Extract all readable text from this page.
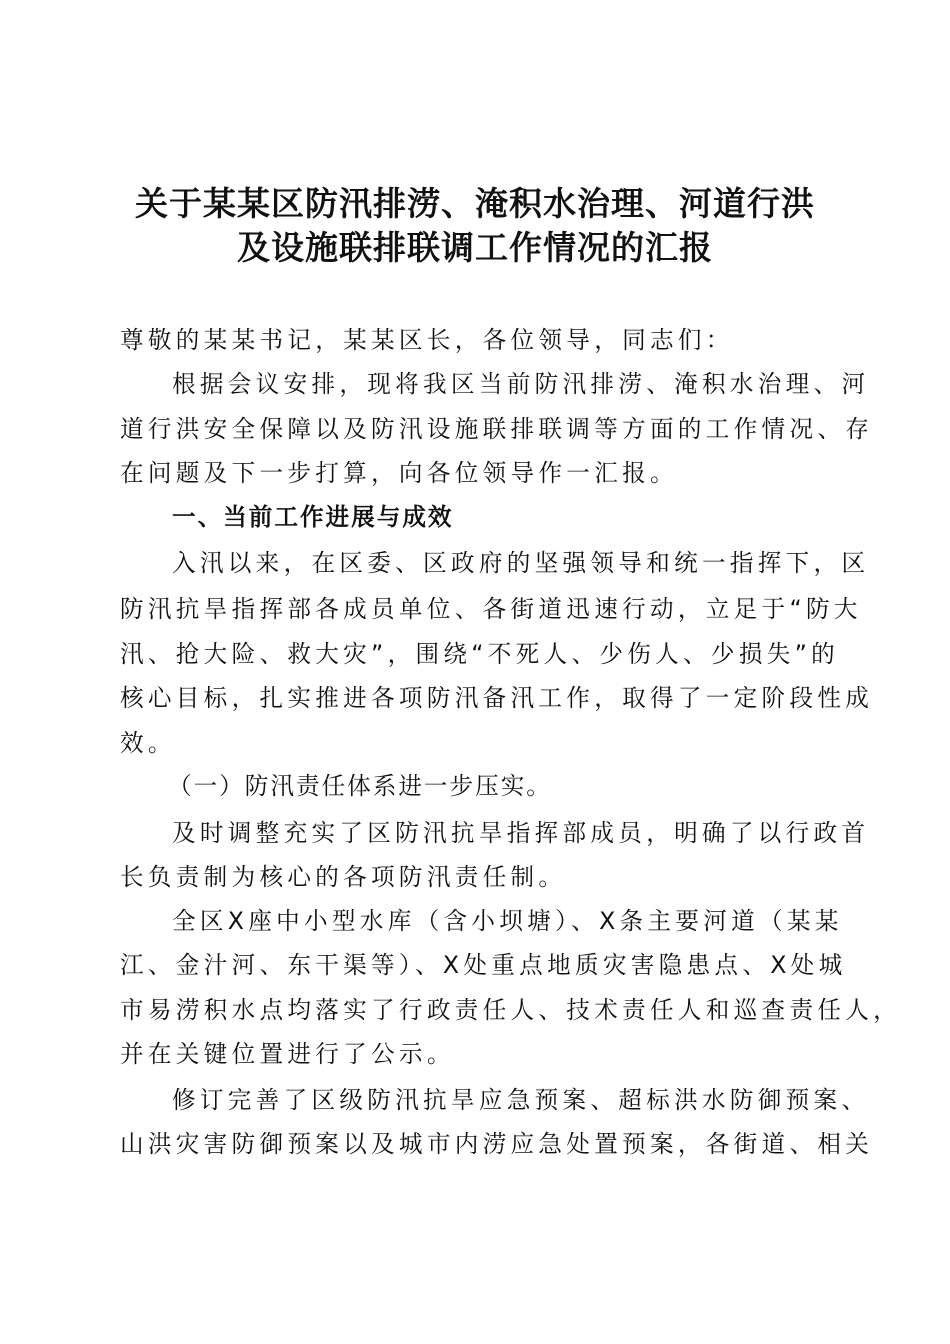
关于某某区防汛排涝、淹积水治理、河道行洪
及设施联排联调工作情况的汇报

尊敬的某某书记，某某区长，各位领导，同志们：

根据会议安排，现将我区当前防汛排涝、淹积水治理、河

道行洪安全保障以及防汛设施联排联调等方面的工作情况、存

在问题及下一步打算，向各位领导作一汇报。

一、当前工作进展与成效

入汛以来，在区委、区政府的坚强领导和统一指挥下，区

防汛抗旱指挥部各成员单位、各街道迅速行动，立足于“防大

汛、抢大险、救大灾”，围绕“不死人、少伤人、少损失”的

核心目标，扎实推进各项防汛备汛工作，取得了一定阶段性成

效。

（一）防汛责任体系进一步压实。

及时调整充实了区防汛抗旱指挥部成员，明确了以行政首

长负责制为核心的各项防汛责任制。

全区X座中小型水库（含小坝塘）、X条主要河道（某某

江、金汁河、东干渠等）、X处重点地质灾害隐患点、X处城

市易涝积水点均落实了行政责任人、技术责任人和巡查责任人，

并在关键位置进行了公示。

修订完善了区级防汛抗旱应急预案、超标洪水防御预案、

山洪灾害防御预案以及城市内涝应急处置预案，各街道、相关
